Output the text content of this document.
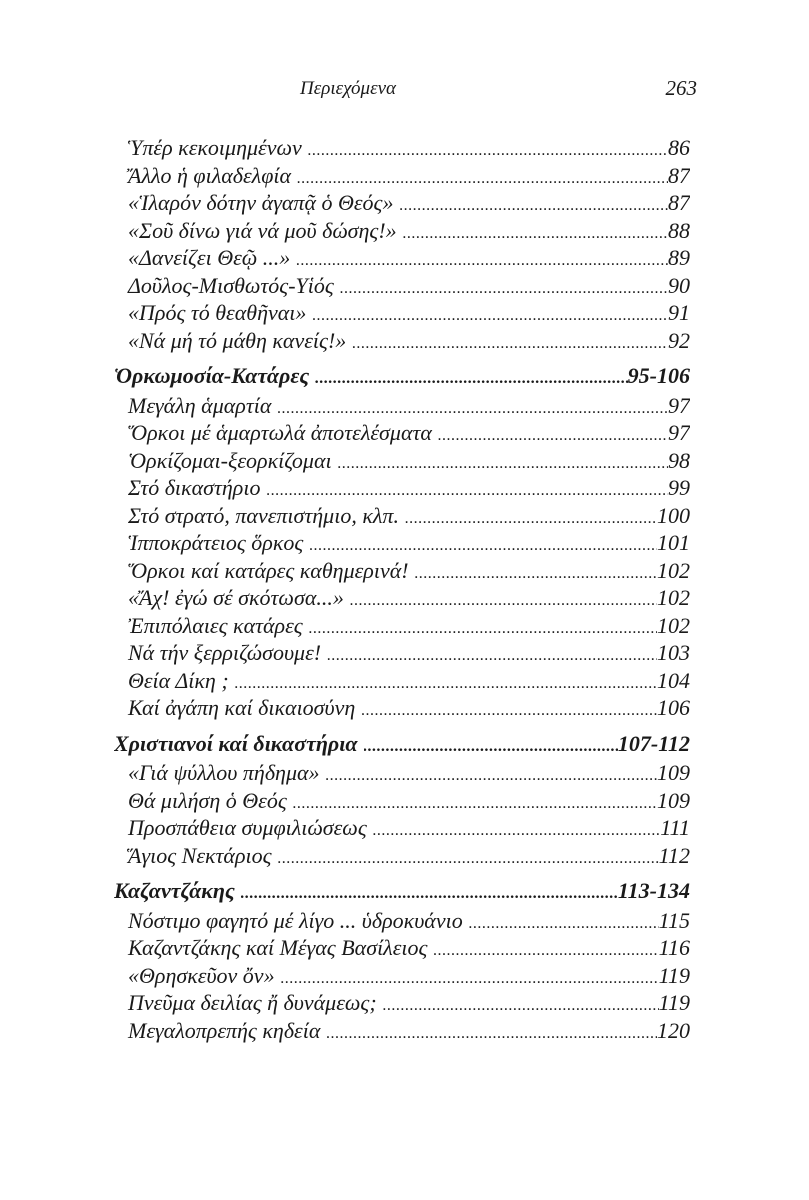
Περιεχόμενα	263
Ὑπέρ κεκοιμημένων .....	86
Ἄλλο ἡ φιλαδελφία .....	87
«Ἱλαρόν δότην ἀγαπᾷ ὁ Θεός» .....	87
«Σοῦ δίνω γιά νά μοῦ δώσης!» .....	88
«Δανείζει Θεῷ ...» .....	89
Δοῦλος-Μισθωτός-Υἱός .....	90
«Πρός τό θεαθῆναι» .....	91
«Νά μή τό μάθη κανείς!» .....	92
Ὁρκωμοσία-Κατάρες .....	95-106
Μεγάλη ἁμαρτία .....	97
Ὅρκοι μέ ἁμαρτωλά ἀποτελέσματα .....	97
Ὁρκίζομαι-ξεορκίζομαι .....	98
Στό δικαστήριο .....	99
Στό στρατό, πανεπιστήμιο, κλπ. .....	100
Ἱπποκράτειος ὅρκος .....	101
Ὅρκοι καί κατάρες καθημερινά! .....	102
«Ἄχ! ἐγώ σέ σκότωσα...» .....	102
Ἐπιπόλαιες κατάρες .....	102
Νά τήν ξερριζώσουμε! .....	103
Θεία Δίκη ; .....	104
Καί ἀγάπη καί δικαιοσύνη .....	106
Χριστιανοί καί δικαστήρια .....	107-112
«Γιά ψύλλου πήδημα» .....	109
Θά μιλήση ὁ Θεός .....	109
Προσπάθεια συμφιλιώσεως .....	111
Ἅγιος Νεκτάριος .....	112
Καζαντζάκης .....	113-134
Νόστιμο φαγητό μέ λίγο ... ὑδροκυάνιο .....	115
Καζαντζάκης καί Μέγας Βασίλειος .....	116
«Θρησκεῦον ὄν» .....	119
Πνεῦμα δειλίας ἤ δυνάμεως; .....	119
Μεγαλοπρεπής κηδεία .....	120
